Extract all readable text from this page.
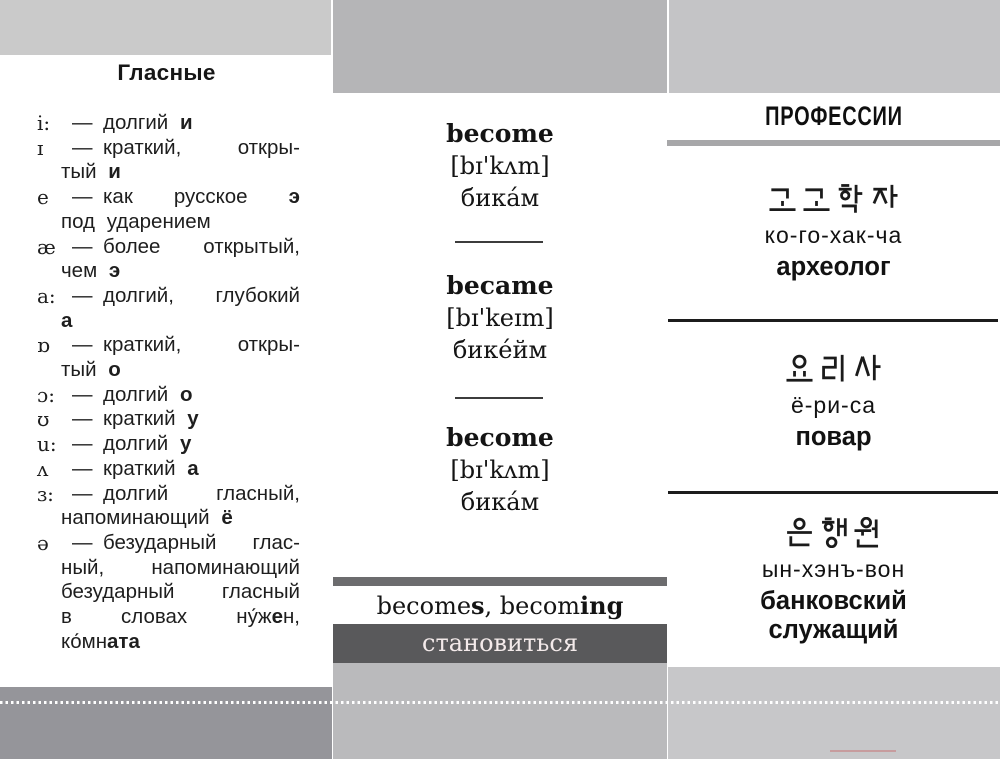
Гласные
i:	— долгий и
ɪ	— краткий, откры-
тый и
e	— как русское э
под ударением
æ — более открытый,
чем э
a: — долгий, глубокий
а
ɒ	— краткий, откры-
тый о
ɔ: — долгий о
ʊ	— краткий у
u: — долгий у
ʌ	— краткий а
ɜ: — долгий гласный,
напоминающий ё
ə	— безударный глас-
ный, напоминающий
безударный гласный
в словах ну́жен,
ко́мната
become
[bɪ'kʌm]
бика́м
became
[bɪ'keɪm]
бике́йм
become
[bɪ'kʌm]
бика́м
becomes, becoming
становиться
ПРОФЕССИИ
ко-го-хак-ча
археолог
ё-ри-са
повар
ын-хэнъ-вон
банковский служащий
